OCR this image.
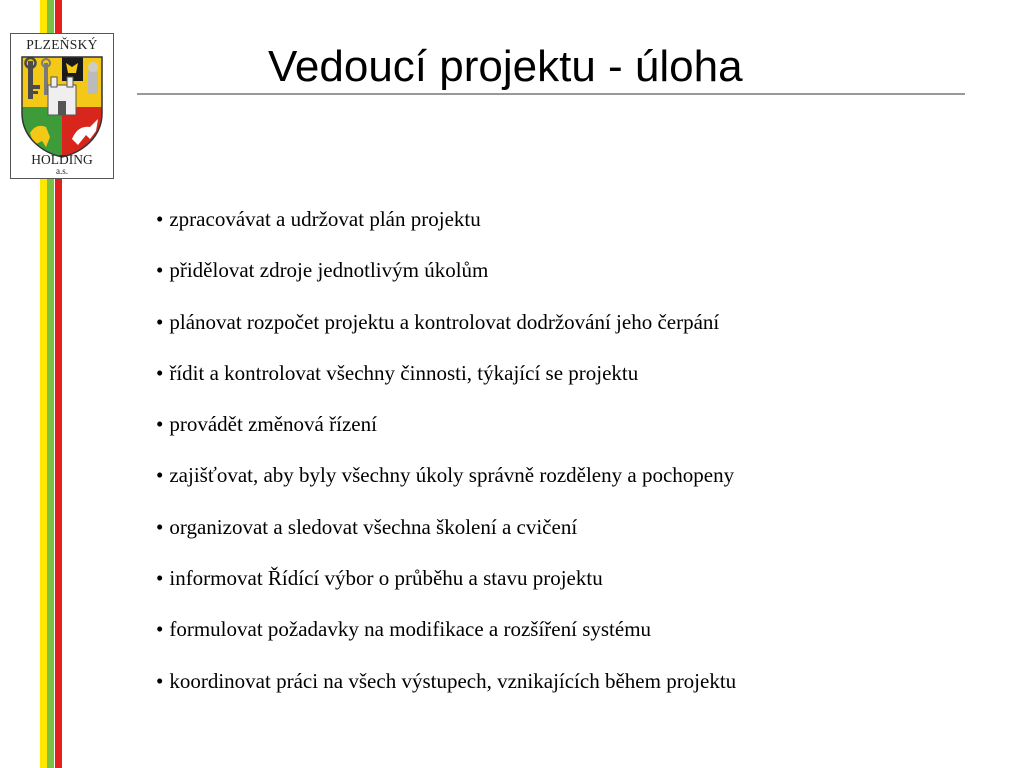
PLZEŇSKÝ
HOLDING
a.s.
Vedoucí projektu - úloha
• zpracovávat a udržovat plán projektu
• přidělovat zdroje jednotlivým úkolům
• plánovat rozpočet projektu a kontrolovat dodržování jeho čerpání
• řídit a kontrolovat všechny činnosti, týkající se projektu
• provádět změnová řízení
• zajišťovat, aby byly všechny úkoly správně rozděleny a pochopeny
• organizovat a sledovat všechna školení a cvičení
• informovat Řídící výbor o průběhu a stavu projektu
• formulovat požadavky na modifikace a rozšíření systému
• koordinovat práci na všech výstupech, vznikajících během projektu
